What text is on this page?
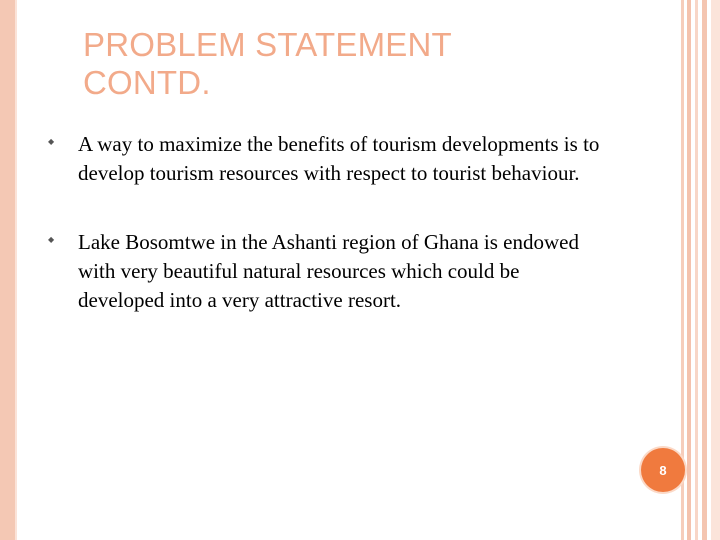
PROBLEM STATEMENT
CONTD.
◆ A way to maximize the benefits of tourism developments is to develop tourism resources with respect to tourist behaviour.
◆ Lake Bosomtwe in the Ashanti region of Ghana is endowed with very beautiful natural resources which could be developed into a very attractive resort.
8
